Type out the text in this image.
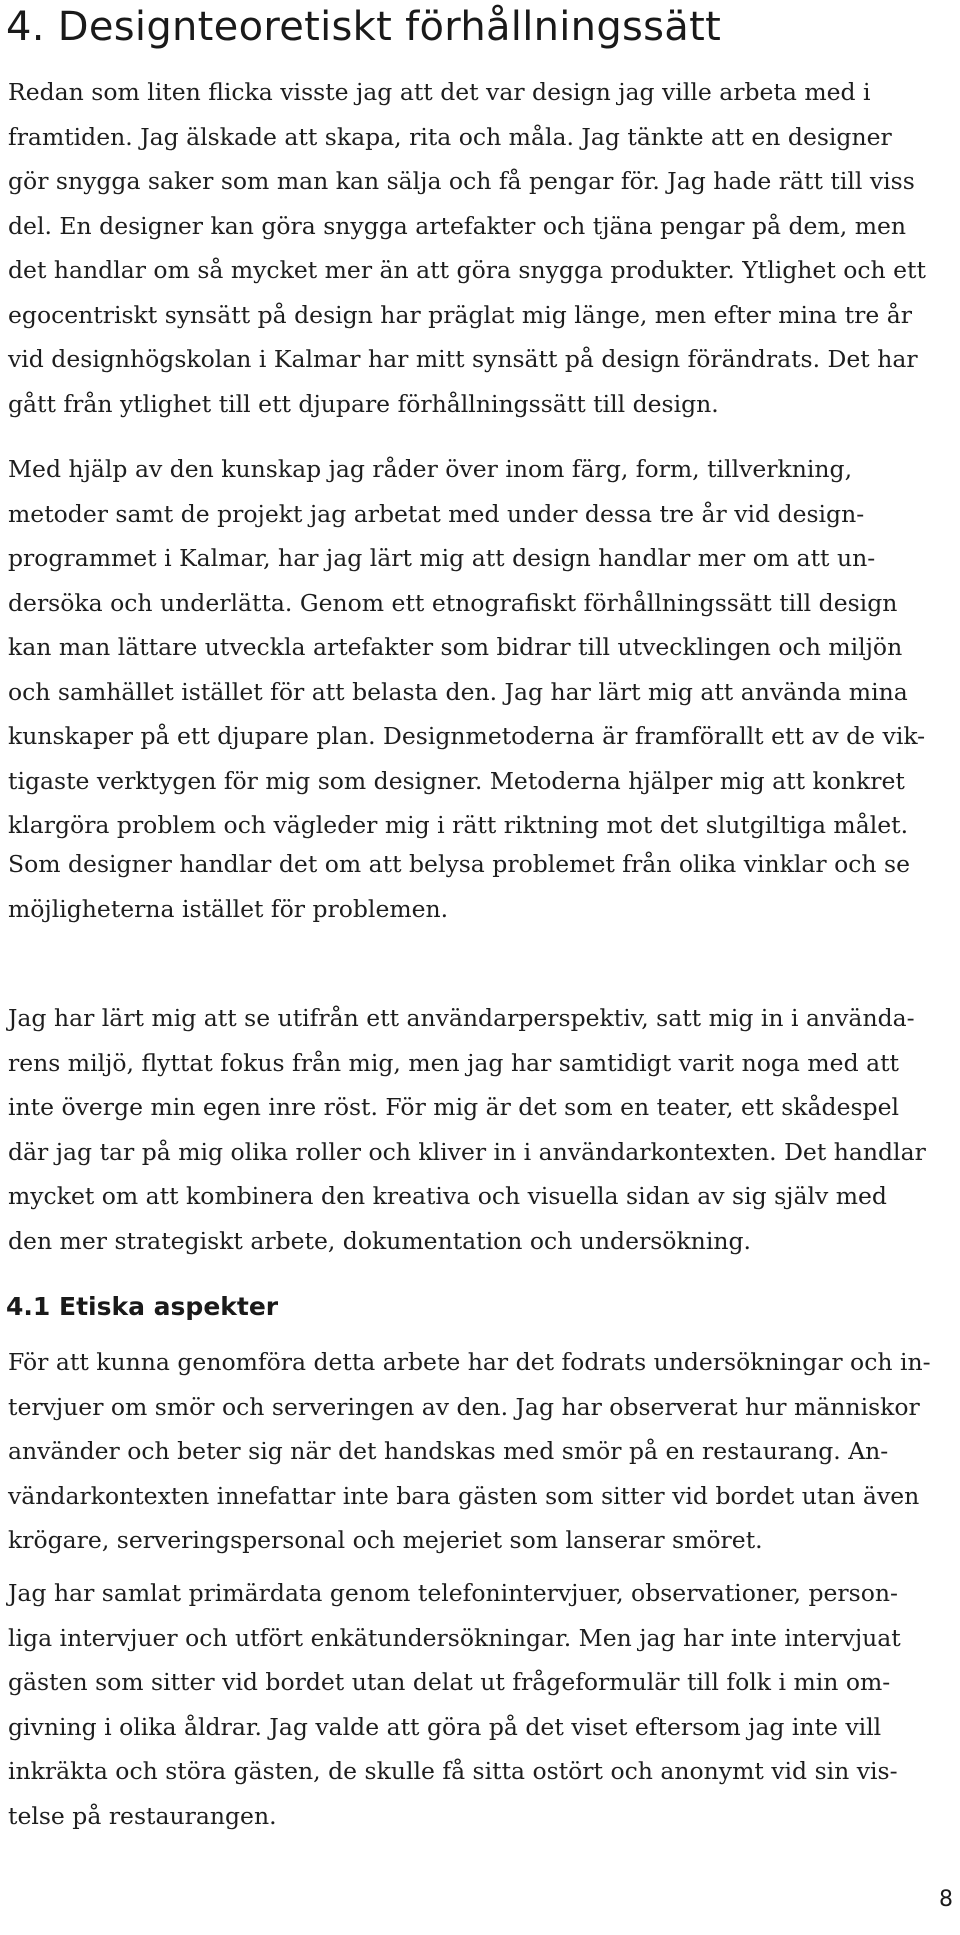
4. Designteoretiskt förhållningssätt

Redan som liten flicka visste jag att det var design jag ville arbeta med i
framtiden. Jag älskade att skapa, rita och måla. Jag tänkte att en designer
gör snygga saker som man kan sälja och få pengar för. Jag hade rätt till viss
del. En designer kan göra snygga artefakter och tjäna pengar på dem, men
det handlar om så mycket mer än att göra snygga produkter. Ytlighet och ett
egocentriskt synsätt på design har präglat mig länge, men efter mina tre år
vid designhögskolan i Kalmar har mitt synsätt på design förändrats. Det har
gått från ytlighet till ett djupare förhållningssätt till design.

Med hjälp av den kunskap jag råder över inom färg, form, tillverkning,
metoder samt de projekt jag arbetat med under dessa tre år vid design-
programmet i Kalmar, har jag lärt mig att design handlar mer om att un-
dersöka och underlätta. Genom ett etnografiskt förhållningssätt till design
kan man lättare utveckla artefakter som bidrar till utvecklingen och miljön
och samhället istället för att belasta den. Jag har lärt mig att använda mina
kunskaper på ett djupare plan. Designmetoderna är framförallt ett av de vik-
tigaste verktygen för mig som designer. Metoderna hjälper mig att konkret
klargöra problem och vägleder mig i rätt riktning mot det slutgiltiga målet.

Som designer handlar det om att belysa problemet från olika vinklar och se
möjligheterna istället för problemen.

Jag har lärt mig att se utifrån ett användarperspektiv, satt mig in i använda-
rens miljö, flyttat fokus från mig, men jag har samtidigt varit noga med att
inte överge min egen inre röst. För mig är det som en teater, ett skådespel
där jag tar på mig olika roller och kliver in i användarkontexten. Det handlar
mycket om att kombinera den kreativa och visuella sidan av sig själv med
den mer strategiskt arbete, dokumentation och undersökning.

4.1 Etiska aspekter

För att kunna genomföra detta arbete har det fodrats undersökningar och in-
tervjuer om smör och serveringen av den. Jag har observerat hur människor
använder och beter sig när det handskas med smör på en restaurang. An-
vändarkontexten innefattar inte bara gästen som sitter vid bordet utan även
krögare, serveringspersonal och mejeriet som lanserar smöret.

Jag har samlat primärdata genom telefonintervjuer, observationer, person-
liga intervjuer och utfört enkätundersökningar. Men jag har inte intervjuat
gästen som sitter vid bordet utan delat ut frågeformulär till folk i min om-
givning i olika åldrar. Jag valde att göra på det viset eftersom jag inte vill
inkräkta och störa gästen, de skulle få sitta ostört och anonymt vid sin vis-
telse på restaurangen.

8
